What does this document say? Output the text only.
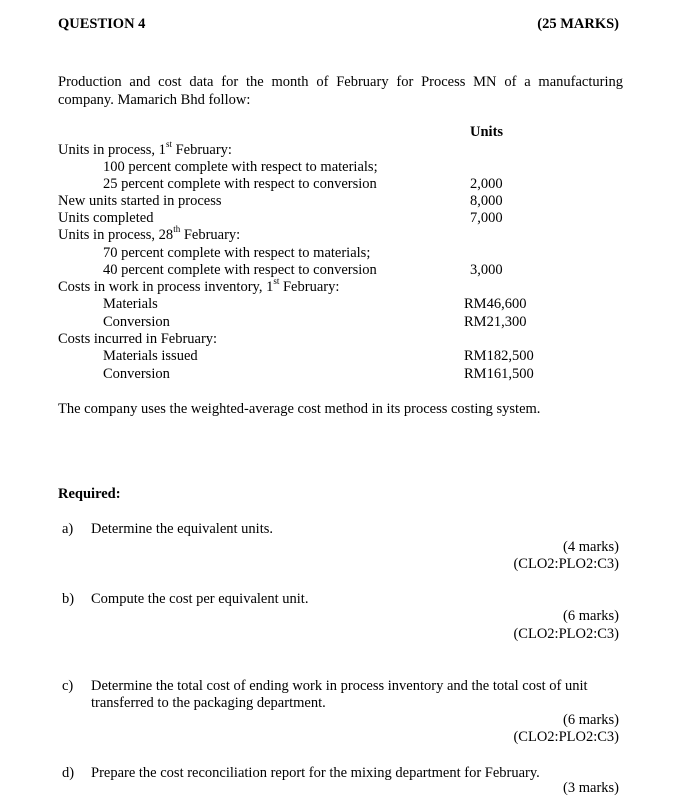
QUESTION 4	(25 MARKS)
Production and cost data for the month of February for Process MN of a manufacturing company. Mamarich Bhd follow:
Units
Units in process, 1st February:
100 percent complete with respect to materials;
25 percent complete with respect to conversion	2,000
New units started in process	8,000
Units completed	7,000
Units in process, 28th February:
70 percent complete with respect to materials;
40 percent complete with respect to conversion	3,000
Costs in work in process inventory, 1st February:
Materials	RM46,600
Conversion	RM21,300
Costs incurred in February:
Materials issued	RM182,500
Conversion	RM161,500
The company uses the weighted-average cost method in its process costing system.
Required:
a) Determine the equivalent units.
(4 marks)
(CLO2:PLO2:C3)
b) Compute the cost per equivalent unit.
(6 marks)
(CLO2:PLO2:C3)
c) Determine the total cost of ending work in process inventory and the total cost of unit transferred to the packaging department.
(6 marks)
(CLO2:PLO2:C3)
d) Prepare the cost reconciliation report for the mixing department for February.
(3 marks)
